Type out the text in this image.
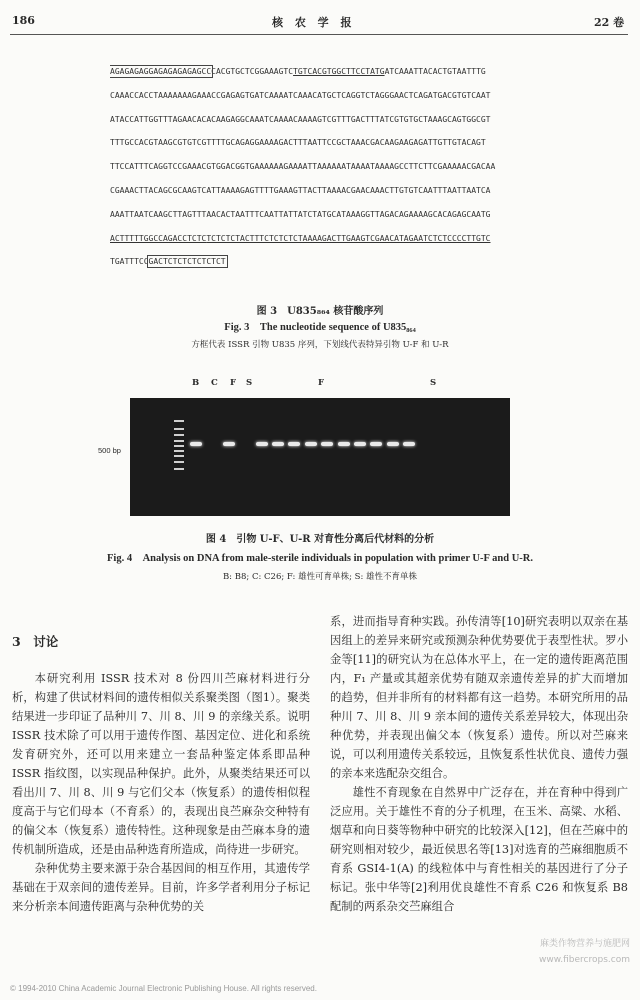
186	核 农 学 报	22 卷
AGAGAGAGGAGAGAGAGAGCCCACGTGCTCGGAAAGTCTGTCACGTGGCTTCCTATGATCAAATTACACTGTAATTTG
CAAACCACCTAAAAAAAGAAACCGAGAGTGATCAAAATCAAACATGCTCAGGTCTAGGGAACTCAGATGACGTGTCAAT
ATACCATTGGTTTAGAACACACAAGAGGCAAATCAAAACAAAAGTCGTTTGACTTTATCGTGTGCTAAAGCAGTGGCGT
TTTGCCACGTAAGCGTGTCGTTTTGCAGAGGAAAAGACTTTAATTCCGCTAAACGACAAGAAGAGATTGTTGTACAGT
TTCCATTTCAGGTCCGAAACGTGGACGGTGAAAAAAGAAAATTAAAAAATAAAATAAAAGCCTTCTTCGAAAAACGACAA
CGAAACTTACAGCGCAAGTCATTAAAAGAGTTTTGAAAGTTACTTAAAACGAACAAACTTGTGTCAATTTAATTAATCA
AAATTAATCAAGCTTAGTTTAACACTAATTTCAATTATTATCTATGCATAAAGGTTAGACAGAAAAGCACAGAGCAATG
ACTTTTTGGCCAGACCTCTCTCTCTCTACTTTCTCTCTCTAAAAGACTTGAAGTCGAACATAGAATCTCTCCCCTTGTC
TGATTTCCGACTCTCTCTCTCTCT
图 3　U835₈₆₄ 核苷酸序列
Fig. 3　The nucleotide sequence of U835₈₆₄
方框代表 ISSR 引物 U835 序列，下划线代表特异引物 U-F 和 U-R
B C F S	F	S
500 bp
图 4　引物 U-F、U-R 对育性分离后代材料的分析
Fig. 4　Analysis on DNA from male-sterile individuals in population with primer U-F and U-R.
B: B8; C: C26; F: 雄性可育单株; S: 雄性不育单株
3　讨论

本研究利用 ISSR 技术对 8 份四川苎麻材料进行分析，构建了供试材料间的遗传相似关系聚类图（图1）。聚类结果进一步印证了品种川 7、川 8、川 9 的亲缘关系。说明 ISSR 技术除了可以用于遗传作图、基因定位、进化和系统发育研究外，还可以用来建立一套品种鉴定体系即品种 ISSR 指纹图，以实现品种保护。此外，从聚类结果还可以看出川 7、川 8、川 9 与它们父本（恢复系）的遗传相似程度高于与它们母本（不育系）的，表现出良苎麻杂交种特有的偏父本（恢复系）遗传特性。这种现象是由苎麻本身的遗传机制所造成，还是由品种选育所造成，尚待进一步研究。

杂种优势主要来源于杂合基因间的相互作用，其遗传学基础在于双亲间的遗传差异。目前，许多学者利用分子标记来分析亲本间遗传距离与杂种优势的关

系，进而指导育种实践。孙传清等[10]研究表明以双亲在基因组上的差异来研究或预测杂种优势要优于表型性状。罗小金等[11]的研究认为在总体水平上，在一定的遗传距离范围内，F₁ 产量或其超亲优势有随双亲遗传差异的扩大而增加的趋势，但并非所有的材料都有这一趋势。本研究所用的品种川 7、川 8、川 9 亲本间的遗传关系差异较大，体现出杂种优势，并表现出偏父本（恢复系）遗传。所以对苎麻来说，可以利用遗传关系较远，且恢复系性状优良、遗传力强的亲本来选配杂交组合。

雄性不育现象在自然界中广泛存在，并在育种中得到广泛应用。关于雄性不育的分子机理，在玉米、高粱、水稻、烟草和向日葵等物种中研究的比较深入[12]，但在苎麻中的研究则相对较少，最近侯思名等[13]对选育的苎麻细胞质不育系 GSI4-1(A) 的线粒体中与育性相关的基因进行了分子标记。张中华等[2]利用优良雄性不育系 C26 和恢复系 B8 配制的两系杂交苎麻组合

麻类作物营养与施肥网 www.fibercrops.com
© 1994-2010 China Academic Journal Electronic Publishing House. All rights reserved.
